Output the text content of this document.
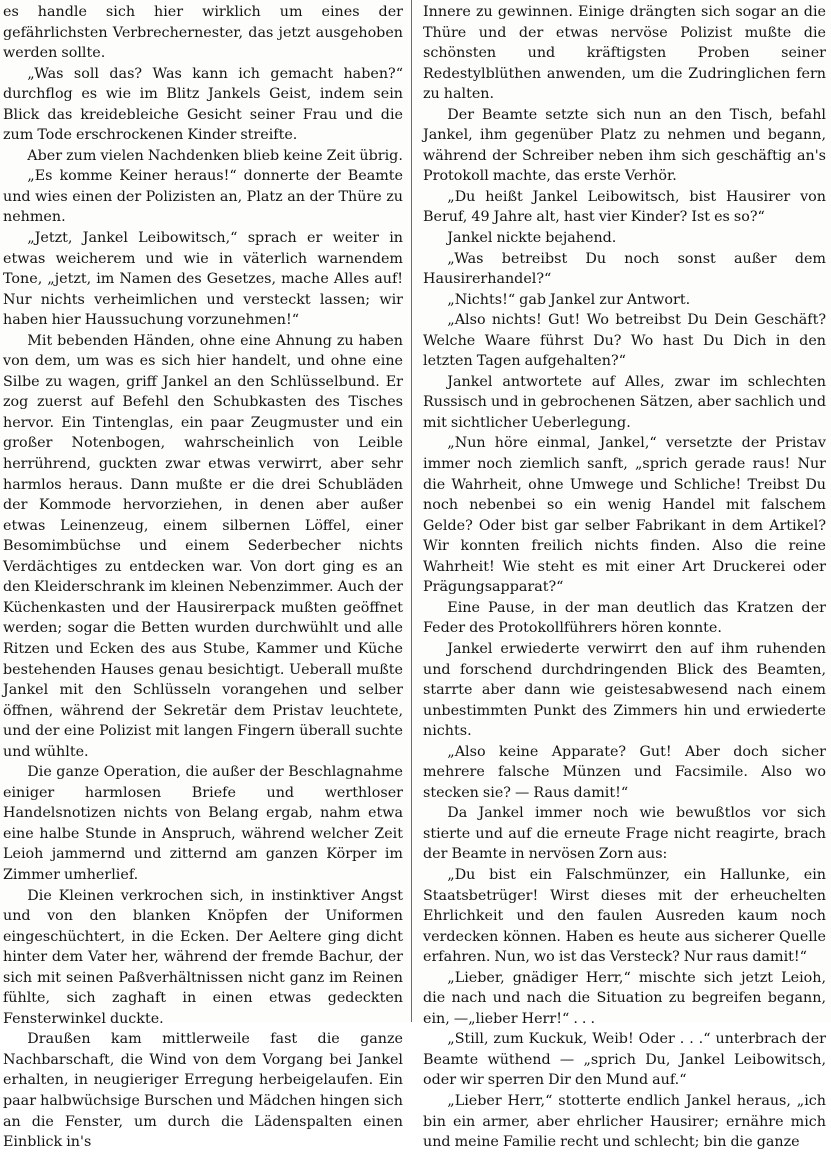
es handle sich hier wirklich um eines der gefährlichsten Verbrechernester, das jetzt ausgehoben werden sollte.

„Was soll das? Was kann ich gemacht haben?“ durchflog es wie im Blitz Jankels Geist, indem sein Blick das kreidebleiche Gesicht seiner Frau und die zum Tode erschrockenen Kinder streifte.

Aber zum vielen Nachdenken blieb keine Zeit übrig.

„Es komme Keiner heraus!“ donnerte der Beamte und wies einen der Polizisten an, Platz an der Thüre zu nehmen.

„Jetzt, Jankel Leibowitsch,“ sprach er weiter in etwas weicherem und wie in väterlich warnendem Tone, „jetzt, im Namen des Gesetzes, mache Alles auf! Nur nichts verheimlichen und versteckt lassen; wir haben hier Haussuchung vorzunehmen!“

Mit bebenden Händen, ohne eine Ahnung zu haben von dem, um was es sich hier handelt, und ohne eine Silbe zu wagen, griff Jankel an den Schlüsselbund. Er zog zuerst auf Befehl den Schubkasten des Tisches hervor. Ein Tintenglas, ein paar Zeugmuster und ein großer Notenbogen, wahrscheinlich von Leible herrührend, guckten zwar etwas verwirrt, aber sehr harmlos heraus. Dann mußte er die drei Schubläden der Kommode hervorziehen, in denen aber außer etwas Leinenzeug, einem silbernen Löffel, einer Besomimbüchse und einem Sederbecher nichts Verdächtiges zu entdecken war. Von dort ging es an den Kleiderschrank im kleinen Nebenzimmer. Auch der Küchenkasten und der Hausirerpack mußten geöffnet werden; sogar die Betten wurden durchwühlt und alle Ritzen und Ecken des aus Stube, Kammer und Küche bestehenden Hauses genau besichtigt. Ueberall mußte Jankel mit den Schlüsseln vorangehen und selber öffnen, während der Sekretär dem Pristav leuchtete, und der eine Polizist mit langen Fingern überall suchte und wühlte.

Die ganze Operation, die außer der Beschlagnahme einiger harmlosen Briefe und werthloser Handelsnotizen nichts von Belang ergab, nahm etwa eine halbe Stunde in Anspruch, während welcher Zeit Leioh jammernd und zitternd am ganzen Körper im Zimmer umherlief.

Die Kleinen verkrochen sich, in instinktiver Angst und von den blanken Knöpfen der Uniformen eingeschüchtert, in die Ecken. Der Aeltere ging dicht hinter dem Vater her, während der fremde Bachur, der sich mit seinen Paßverhältnissen nicht ganz im Reinen fühlte, sich zaghaft in einen etwas gedeckten Fensterwinkel duckte.

Draußen kam mittlerweile fast die ganze Nachbarschaft, die Wind von dem Vorgang bei Jankel erhalten, in neugieriger Erregung herbeigelaufen. Ein paar halbwüchsige Burschen und Mädchen hingen sich an die Fenster, um durch die Lädenspalten einen Einblick in's

Innere zu gewinnen. Einige drängten sich sogar an die Thüre und der etwas nervöse Polizist mußte die schönsten und kräftigsten Proben seiner Redestylblüthen anwenden, um die Zudringlichen fern zu halten.

Der Beamte setzte sich nun an den Tisch, befahl Jankel, ihm gegenüber Platz zu nehmen und begann, während der Schreiber neben ihm sich geschäftig an's Protokoll machte, das erste Verhör.

„Du heißt Jankel Leibowitsch, bist Hausirer von Beruf, 49 Jahre alt, hast vier Kinder? Ist es so?“

Jankel nickte bejahend.

„Was betreibst Du noch sonst außer dem Hausirerhandel?“

„Nichts!“ gab Jankel zur Antwort.

„Also nichts! Gut! Wo betreibst Du Dein Geschäft? Welche Waare führst Du? Wo hast Du Dich in den letzten Tagen aufgehalten?“

Jankel antwortete auf Alles, zwar im schlechten Russisch und in gebrochenen Sätzen, aber sachlich und mit sichtlicher Ueberlegung.

„Nun höre einmal, Jankel,“ versetzte der Pristav immer noch ziemlich sanft, „sprich gerade raus! Nur die Wahrheit, ohne Umwege und Schliche! Treibst Du noch nebenbei so ein wenig Handel mit falschem Gelde? Oder bist gar selber Fabrikant in dem Artikel? Wir konnten freilich nichts finden. Also die reine Wahrheit! Wie steht es mit einer Art Druckerei oder Prägungsapparat?“

Eine Pause, in der man deutlich das Kratzen der Feder des Protokollführers hören konnte.

Jankel erwiederte verwirrt den auf ihm ruhenden und forschend durchdringenden Blick des Beamten, starrte aber dann wie geistesabwesend nach einem unbestimmten Punkt des Zimmers hin und erwiederte nichts.

„Also keine Apparate? Gut! Aber doch sicher mehrere falsche Münzen und Facsimile. Also wo stecken sie? — Raus damit!“

Da Jankel immer noch wie bewußtlos vor sich stierte und auf die erneute Frage nicht reagirte, brach der Beamte in nervösen Zorn aus:

„Du bist ein Falschmünzer, ein Hallunke, ein Staatsbetrüger! Wirst dieses mit der erheuchelten Ehrlichkeit und den faulen Ausreden kaum noch verdecken können. Haben es heute aus sicherer Quelle erfahren. Nun, wo ist das Versteck? Nur raus damit!“

„Lieber, gnädiger Herr,“ mischte sich jetzt Leioh, die nach und nach die Situation zu begreifen begann, ein, —„lieber Herr!“ . . .

„Still, zum Kuckuk, Weib! Oder . . .“ unterbrach der Beamte wüthend — „sprich Du, Jankel Leibowitsch, oder wir sperren Dir den Mund auf.“

„Lieber Herr,“ stotterte endlich Jankel heraus, „ich bin ein armer, aber ehrlicher Hausirer; ernähre mich und meine Familie recht und schlecht; bin die ganze
